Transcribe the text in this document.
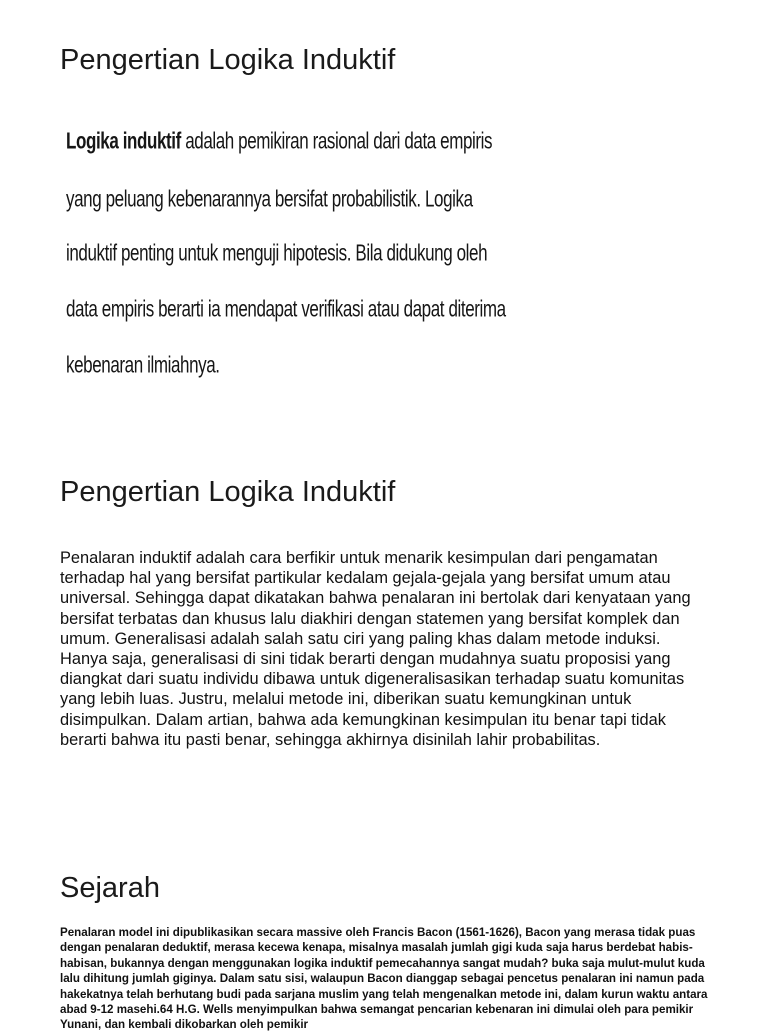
Pengertian Logika Induktif
Logika induktif adalah pemikiran rasional dari data empiris
yang peluang kebenarannya bersifat probabilistik. Logika
induktif penting untuk menguji hipotesis. Bila didukung oleh
data empiris berarti ia mendapat verifikasi atau dapat diterima
kebenaran ilmiahnya.
Pengertian Logika Induktif

Penalaran induktif adalah cara berfikir untuk menarik kesimpulan dari pengamatan terhadap hal yang bersifat partikular kedalam gejala-gejala yang bersifat umum atau universal. Sehingga dapat dikatakan bahwa penalaran ini bertolak dari kenyataan yang bersifat terbatas dan khusus lalu diakhiri dengan statemen yang bersifat komplek dan umum. Generalisasi adalah salah satu ciri yang paling khas dalam metode induksi. Hanya saja, generalisasi di sini tidak berarti dengan mudahnya suatu proposisi yang diangkat dari suatu individu dibawa untuk digeneralisasikan terhadap suatu komunitas yang lebih luas. Justru, melalui metode ini, diberikan suatu kemungkinan untuk disimpulkan. Dalam artian, bahwa ada kemungkinan kesimpulan itu benar tapi tidak berarti bahwa itu pasti benar, sehingga akhirnya disinilah lahir probabilitas.

Sejarah

Penalaran model ini dipublikasikan secara massive oleh Francis Bacon (1561-1626), Bacon yang merasa tidak puas dengan penalaran deduktif, merasa kecewa kenapa, misalnya masalah jumlah gigi kuda saja harus berdebat habis-habisan, bukannya dengan menggunakan logika induktif pemecahannya sangat mudah? buka saja mulut-mulut kuda lalu dihitung jumlah giginya. Dalam satu sisi, walaupun Bacon dianggap sebagai pencetus penalaran ini namun pada hakekatnya telah berhutang budi pada sarjana muslim yang telah mengenalkan metode ini, dalam kurun waktu antara abad 9-12 masehi.64 H.G. Wells menyimpulkan bahwa semangat pencarian kebenaran ini dimulai oleh para pemikir Yunani, dan kembali dikobarkan oleh pemikir
